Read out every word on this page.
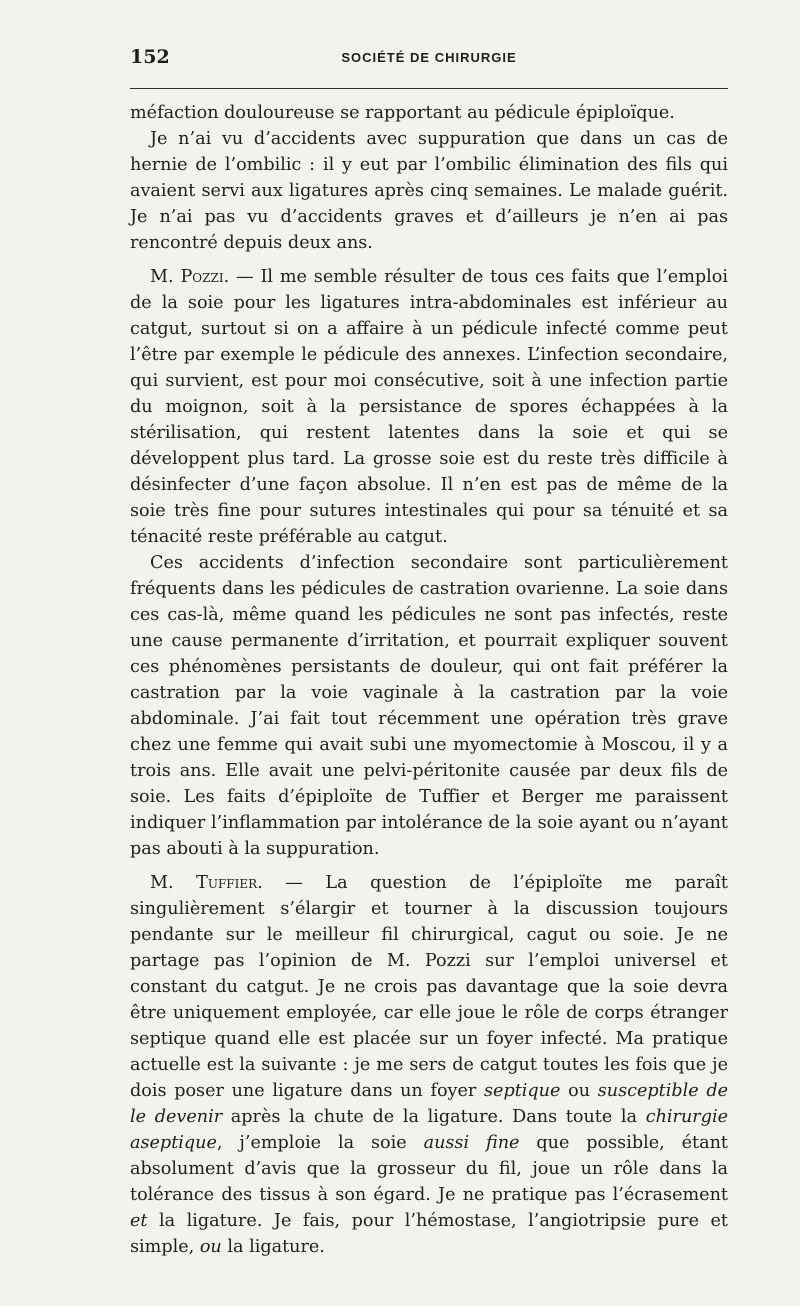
152	SOCIÉTÉ DE CHIRURGIE

méfaction douloureuse se rapportant au pédicule épiploïque.

Je n’ai vu d’accidents avec suppuration que dans un cas de hernie de l’ombilic : il y eut par l’ombilic élimination des fils qui avaient servi aux ligatures après cinq semaines. Le malade guérit. Je n’ai pas vu d’accidents graves et d’ailleurs je n’en ai pas rencontré depuis deux ans.

M. Pozzi. — Il me semble résulter de tous ces faits que l’emploi de la soie pour les ligatures intra-abdominales est inférieur au catgut, surtout si on a affaire à un pédicule infecté comme peut l’être par exemple le pédicule des annexes. L’infection secondaire, qui survient, est pour moi consécutive, soit à une infection partie du moignon, soit à la persistance de spores échappées à la stérilisation, qui restent latentes dans la soie et qui se développent plus tard. La grosse soie est du reste très difficile à désinfecter d’une façon absolue. Il n’en est pas de même de la soie très fine pour sutures intestinales qui pour sa ténuité et sa ténacité reste préférable au catgut.

Ces accidents d’infection secondaire sont particulièrement fréquents dans les pédicules de castration ovarienne. La soie dans ces cas-là, même quand les pédicules ne sont pas infectés, reste une cause permanente d’irritation, et pourrait expliquer souvent ces phénomènes persistants de douleur, qui ont fait préférer la castration par la voie vaginale à la castration par la voie abdominale. J’ai fait tout récemment une opération très grave chez une femme qui avait subi une myomectomie à Moscou, il y a trois ans. Elle avait une pelvi-péritonite causée par deux fils de soie. Les faits d’épiploïte de Tuffier et Berger me paraissent indiquer l’inflammation par intolérance de la soie ayant ou n’ayant pas abouti à la suppuration.

M. Tuffier. — La question de l’épiploïte me paraît singulièrement s’élargir et tourner à la discussion toujours pendante sur le meilleur fil chirurgical, cagut ou soie. Je ne partage pas l’opinion de M. Pozzi sur l’emploi universel et constant du catgut. Je ne crois pas davantage que la soie devra être uniquement employée, car elle joue le rôle de corps étranger septique quand elle est placée sur un foyer infecté. Ma pratique actuelle est la suivante : je me sers de catgut toutes les fois que je dois poser une ligature dans un foyer septique ou susceptible de le devenir après la chute de la ligature. Dans toute la chirurgie aseptique, j’emploie la soie aussi fine que possible, étant absolument d’avis que la grosseur du fil, joue un rôle dans la tolérance des tissus à son égard. Je ne pratique pas l’écrasement et la ligature. Je fais, pour l’hémostase, l’angiotripsie pure et simple, ou la ligature.
